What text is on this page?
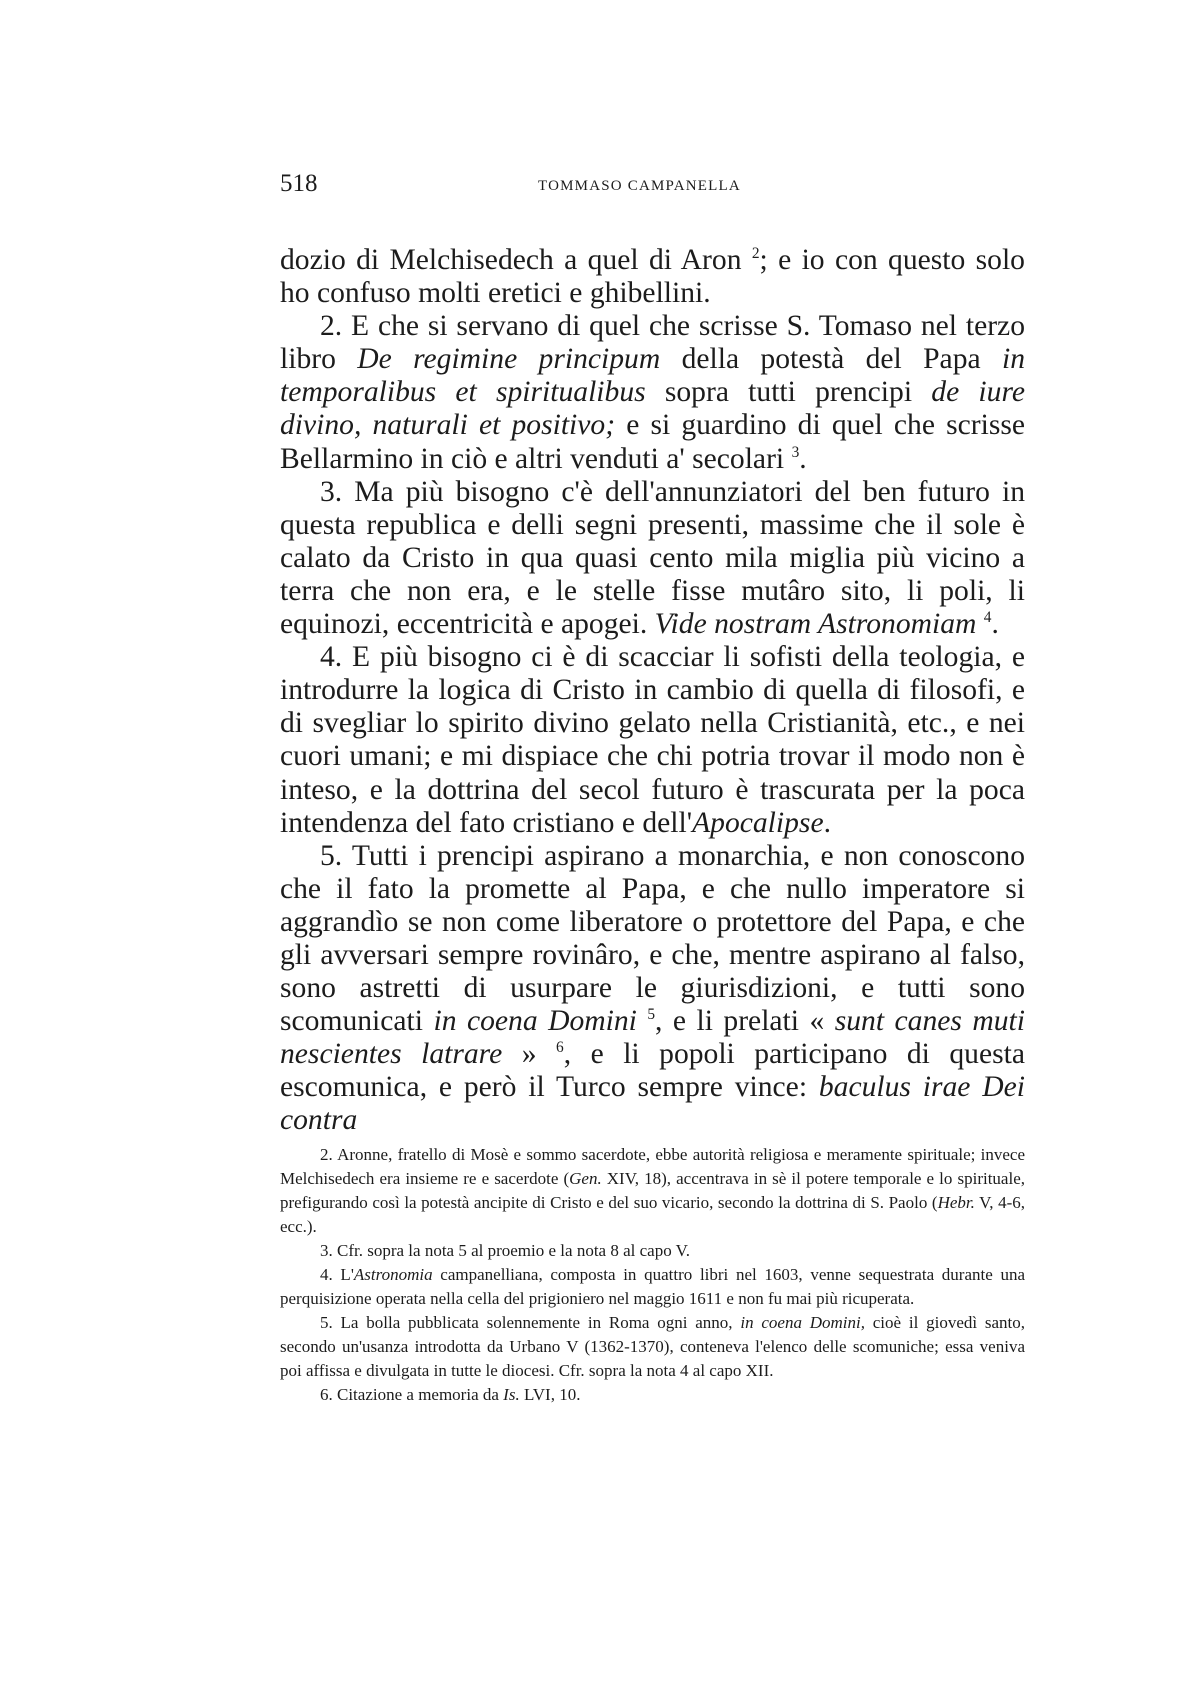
518	TOMMASO CAMPANELLA

dozio di Melchisedech a quel di Aron $^2$; e io con questo solo ho confuso molti eretici e ghibellini.

2. E che si servano di quel che scrisse S. Tomaso nel terzo libro De regimine principum della potestà del Papa in temporalibus et spiritualibus sopra tutti prencipi de iure divino, naturali et positivo; e si guardino di quel che scrisse Bellarmino in ciò e altri venduti a' secolari $^3$.

3. Ma più bisogno c'è dell'annunziatori del ben futuro in questa republica e delli segni presenti, massime che il sole è calato da Cristo in qua quasi cento mila miglia più vicino a terra che non era, e le stelle fisse mutâro sito, li poli, li equinozi, eccentricità e apogei. Vide nostram Astronomiam $^4$.

4. E più bisogno ci è di scacciar li sofisti della teologia, e introdurre la logica di Cristo in cambio di quella di filosofi, e di svegliar lo spirito divino gelato nella Cristianità, etc., e nei cuori umani; e mi dispiace che chi potria trovar il modo non è inteso, e la dottrina del secol futuro è trascurata per la poca intendenza del fato cristiano e dell'Apocalipse.

5. Tutti i prencipi aspirano a monarchia, e non conoscono che il fato la promette al Papa, e che nullo imperatore si aggrandìo se non come liberatore o protettore del Papa, e che gli avversari sempre rovinâro, e che, mentre aspirano al falso, sono astretti di usurpare le giurisdizioni, e tutti sono scomunicati in coena Domini $^5$, e li prelati « sunt canes muti nescientes latrare » $^6$, e li popoli participano di questa escomunica, e però il Turco sempre vince: baculus irae Dei contra

2. Aronne, fratello di Mosè e sommo sacerdote, ebbe autorità religiosa e meramente spirituale; invece Melchisedech era insieme re e sacerdote (Gen. XIV, 18), accentrava in sè il potere temporale e lo spirituale, prefigurando così la potestà ancipite di Cristo e del suo vicario, secondo la dottrina di S. Paolo (Hebr. V, 4-6, ecc.).

3. Cfr. sopra la nota 5 al proemio e la nota 8 al capo V.

4. L'Astronomia campanelliana, composta in quattro libri nel 1603, venne sequestrata durante una perquisizione operata nella cella del prigioniero nel maggio 1611 e non fu mai più ricuperata.

5. La bolla pubblicata solennemente in Roma ogni anno, in coena Domini, cioè il giovedì santo, secondo un'usanza introdotta da Urbano V (1362-1370), conteneva l'elenco delle scomuniche; essa veniva poi affissa e divulgata in tutte le diocesi. Cfr. sopra la nota 4 al capo XII.

6. Citazione a memoria da Is. LVI, 10.
